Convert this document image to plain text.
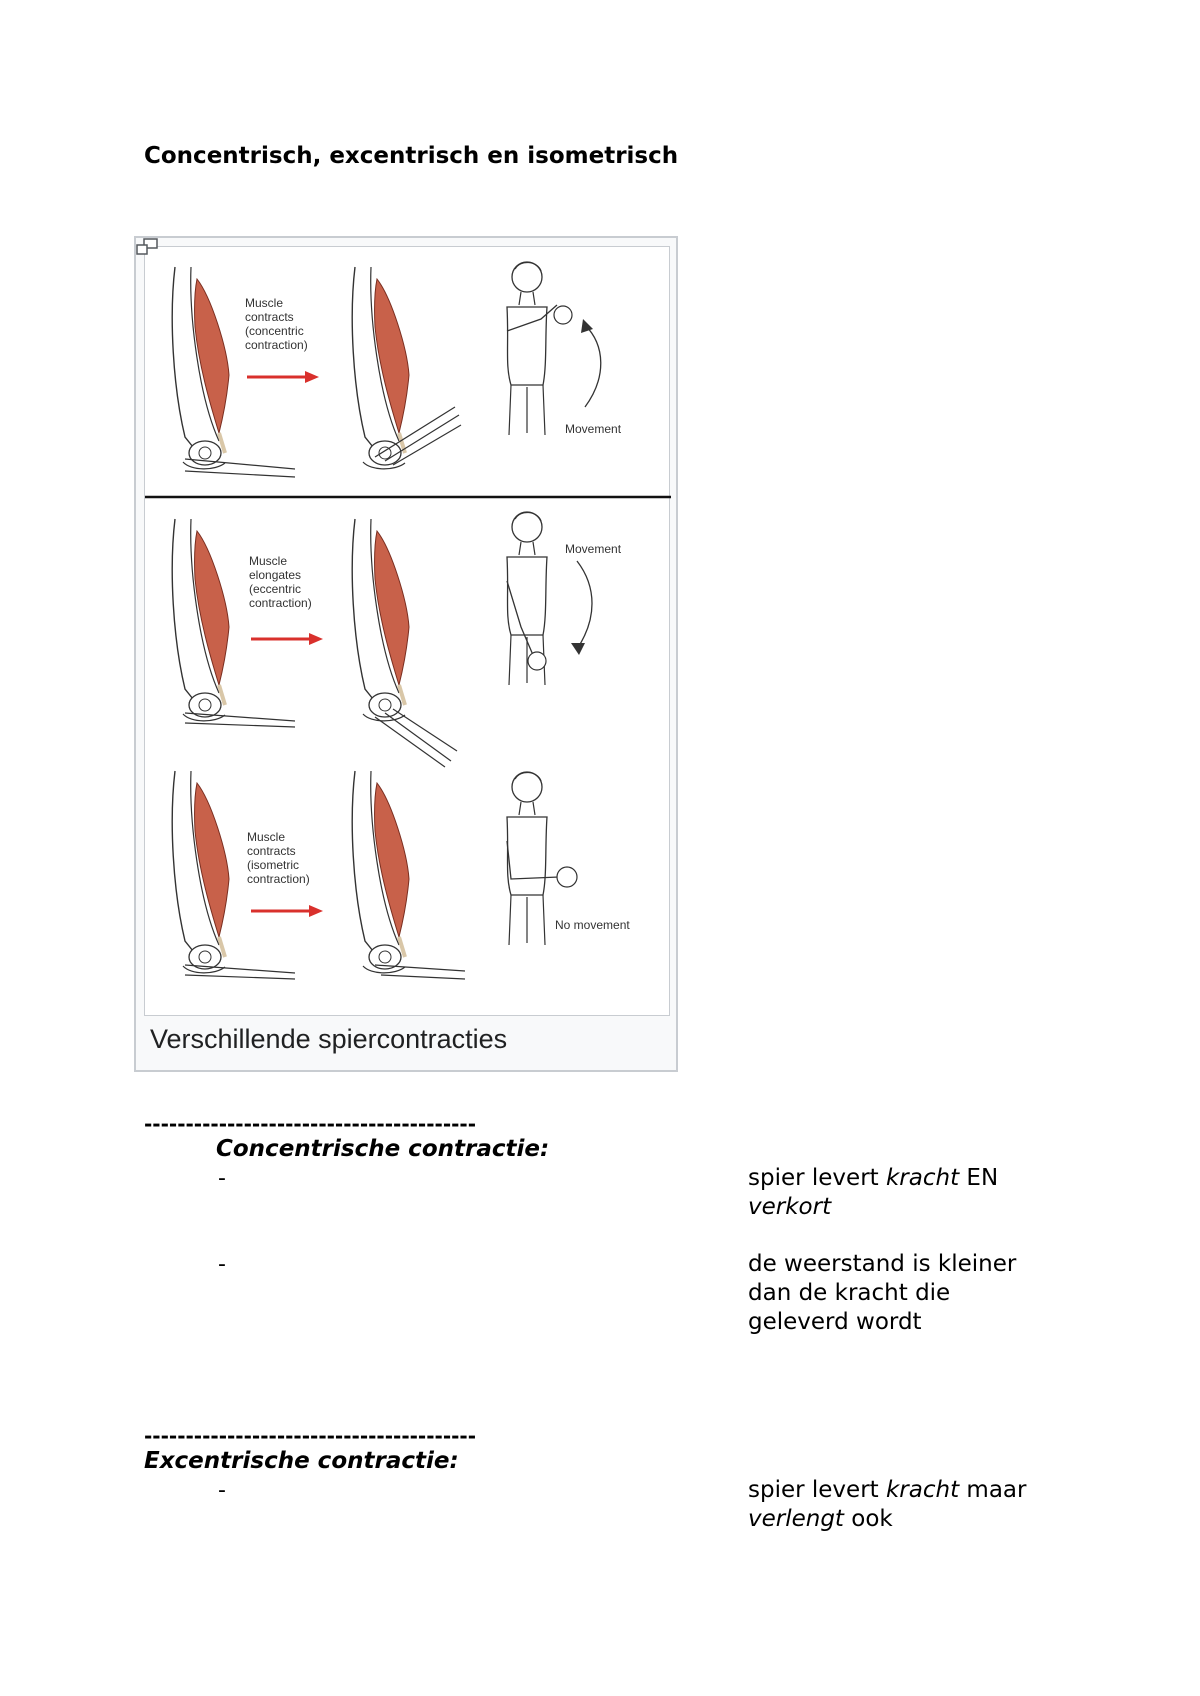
Concentrisch, excentrisch en isometrisch
Muscle
contracts
(concentric
contraction)
Movement
Muscle
elongates
(eccentric
contraction)
Movement
Muscle
contracts
(isometric
contraction)
No movement
Verschillende spiercontracties
----------------------------------------
Concentrische contractie:
-	spier levert kracht EN
verkort
-	de weerstand is kleiner dan de kracht die geleverd wordt
----------------------------------------
Excentrische contractie:
-	spier levert kracht maar
verlengt ook
